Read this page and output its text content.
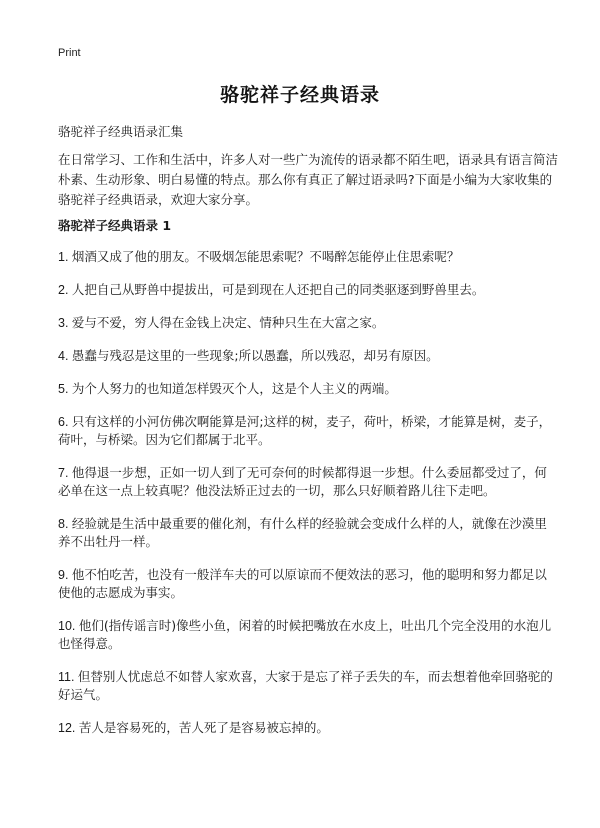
Print
骆驼祥子经典语录
骆驼祥子经典语录汇集

在日常学习、工作和生活中，许多人对一些广为流传的语录都不陌生吧，语录具有语言简洁朴素、生动形象、明白易懂的特点。那么你有真正了解过语录吗?下面是小编为大家收集的骆驼祥子经典语录，欢迎大家分享。

骆驼祥子经典语录 1
1. 烟酒又成了他的朋友。不吸烟怎能思索呢？不喝醉怎能停止住思索呢？
2. 人把自己从野兽中提拔出，可是到现在人还把自己的同类驱逐到野兽里去。
3. 爱与不爱，穷人得在金钱上决定、情种只生在大富之家。
4. 愚蠢与残忍是这里的一些现象;所以愚蠢，所以残忍，却另有原因。
5. 为个人努力的也知道怎样毁灭个人，这是个人主义的两端。
6. 只有这样的小河仿佛次啊能算是河;这样的树，麦子，荷叶，桥梁，才能算是树，麦子，荷叶，与桥梁。因为它们都属于北平。
7. 他得退一步想，正如一切人到了无可奈何的时候都得退一步想。什么委屈都受过了，何必单在这一点上较真呢？他没法矫正过去的一切，那么只好顺着路儿往下走吧。
8. 经验就是生活中最重要的催化剂，有什么样的经验就会变成什么样的人，就像在沙漠里养不出牡丹一样。
9. 他不怕吃苦，也没有一般洋车夫的可以原谅而不便效法的恶习，他的聪明和努力都足以使他的志愿成为事实。
10. 他们(指传谣言时)像些小鱼，闲着的时候把嘴放在水皮上，吐出几个完全没用的水泡儿也怪得意。
11. 但替别人忧虑总不如替人家欢喜，大家于是忘了祥子丢失的车，而去想着他牵回骆驼的好运气。
12. 苦人是容易死的，苦人死了是容易被忘掉的。
